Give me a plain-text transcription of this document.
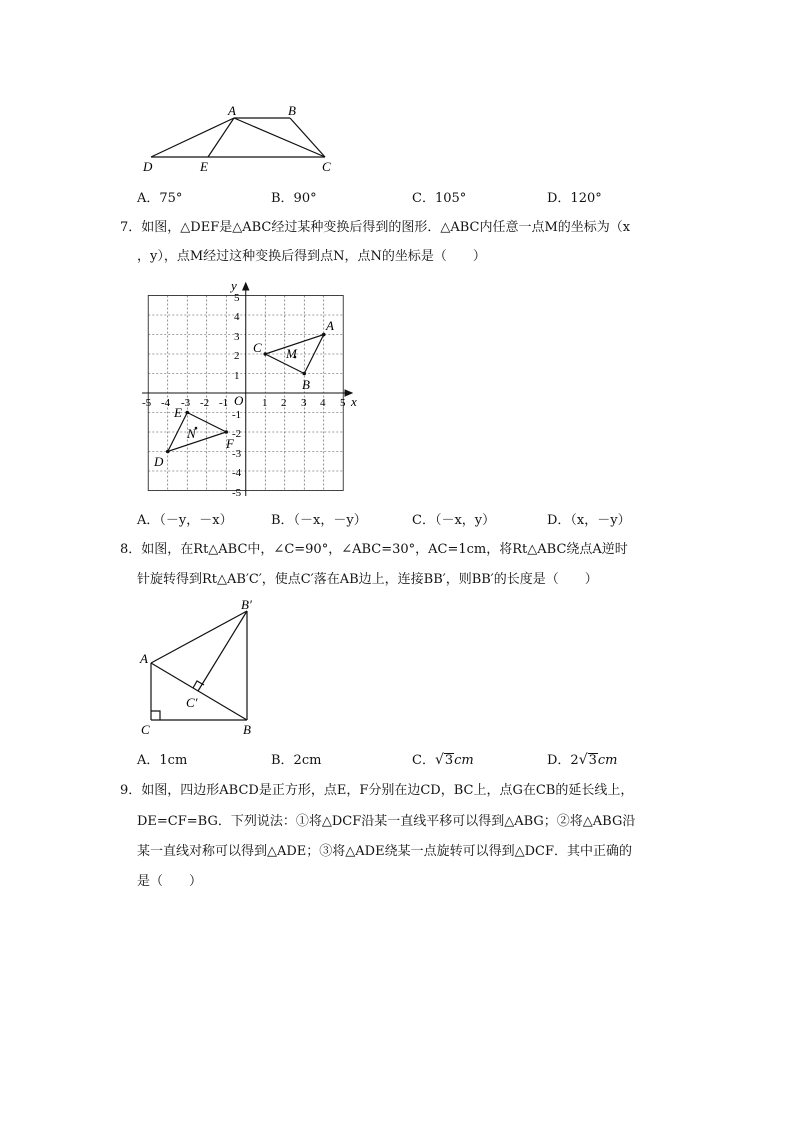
A	B
C
D	E
A．75°	B．90°	C．105°	D．120°
7．如图，△DEF是△ABC经过某种变换后得到的图形．△ABC内任意一点M的坐标为（x
，y），点M经过这种变换后得到点N，点N的坐标是（　　）
x
y
O
-5 -4 -3 -2 -1	1 2 3 4 5
5
4
3
2
1
-1
-2
-3
-4
-5
A
B
C M
D
E
F
N
A．（－y，－x）	B．（－x，－y）	C．（－x，y）	D．（x，－y）
8．如图，在Rt△ABC中，∠C=90°，∠ABC=30°，AC=1cm，将Rt△ABC绕点A逆时
针旋转得到Rt△AB′C′，使点C′落在AB边上，连接BB′，则BB′的长度是（　　）
A
C	B
B′
C′
A．1cm	B．2cm	C．√3cm	D．2√3cm
9．如图，四边形ABCD是正方形，点E，F分别在边CD，BC上，点G在CB的延长线上，
DE=CF=BG．下列说法：①将△DCF沿某一直线平移可以得到△ABG；②将△ABG沿
某一直线对称可以得到△ADE；③将△ADE绕某一点旋转可以得到△DCF．其中正确的
是（　　）
